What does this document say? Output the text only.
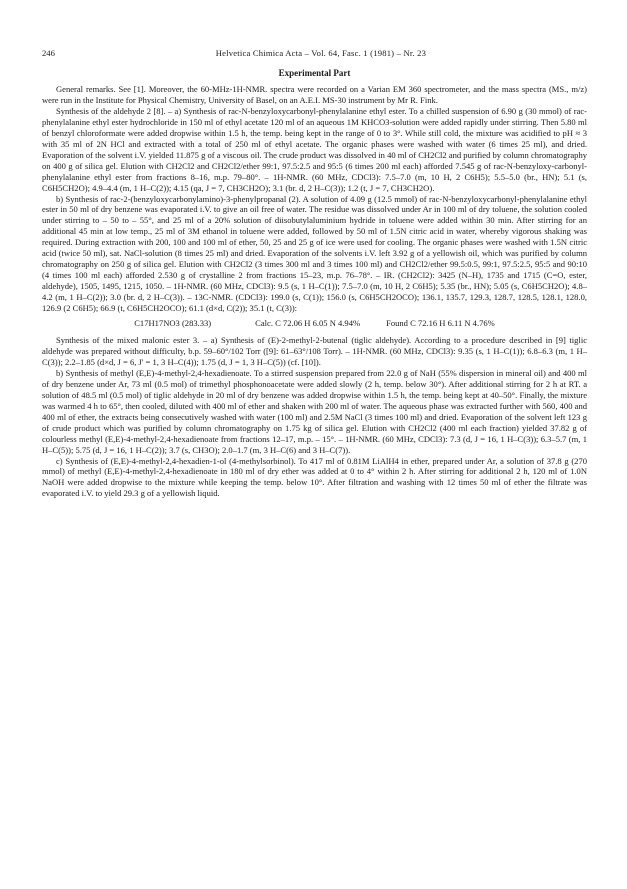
246	Helvetica Chimica Acta – Vol. 64, Fasc. 1 (1981) – Nr. 23
Experimental Part

General remarks. See [1]. Moreover, the 60-MHz-1H-NMR. spectra were recorded on a Varian EM 360 spectrometer, and the mass spectra (MS., m/z) were run in the Institute for Physical Chemistry, University of Basel, on an A.E.I. MS-30 instrument by Mr R. Fink.

Synthesis of the aldehyde 2 [8]. – a) Synthesis of rac-N-benzyloxycarbonyl-phenylalanine ethyl ester. To a chilled suspension of 6.90 g (30 mmol) of rac-phenylalanine ethyl ester hydrochloride in 150 ml of ethyl acetate 120 ml of an aqueous 1M KHCO3-solution were added rapidly under stirring. Then 5.80 ml of benzyl chloroformate were added dropwise within 1.5 h, the temp. being kept in the range of 0 to 3°. While still cold, the mixture was acidified to pH ≈ 3 with 35 ml of 2N HCl and extracted with a total of 250 ml of ethyl acetate. The organic phases were washed with water (6 times 25 ml), and dried. Evaporation of the solvent i.V. yielded 11.875 g of a viscous oil. The crude product was dissolved in 40 ml of CH2Cl2 and purified by column chromatography on 400 g of silica gel. Elution with CH2Cl2 and CH2Cl2/ether 99:1, 97.5:2.5 and 95:5 (6 times 200 ml each) afforded 7.545 g of rac-N-benzyloxy-carbonyl-phenylalanine ethyl ester from fractions 8–16, m.p. 79–80°. – 1H-NMR. (60 MHz, CDCl3): 7.5–7.0 (m, 10 H, 2 C6H5); 5.5–5.0 (br., HN); 5.1 (s, C6H5CH2O); 4.9–4.4 (m, 1 H–C(2)); 4.15 (qa, J = 7, CH3CH2O); 3.1 (br. d, 2 H–C(3)); 1.2 (t, J = 7, CH3CH2O).

b) Synthesis of rac-2-(benzyloxycarbonylamino)-3-phenylpropanal (2). A solution of 4.09 g (12.5 mmol) of rac-N-benzyloxycarbonyl-phenylalanine ethyl ester in 50 ml of dry benzene was evaporated i.V. to give an oil free of water. The residue was dissolved under Ar in 100 ml of dry toluene, the solution cooled under stirring to – 50 to – 55°, and 25 ml of a 20% solution of diisobutylaluminium hydride in toluene were added within 30 min. After stirring for an additional 45 min at low temp., 25 ml of 3M ethanol in toluene were added, followed by 50 ml of 1.5N citric acid in water, whereby vigorous shaking was required. During extraction with 200, 100 and 100 ml of ether, 50, 25 and 25 g of ice were used for cooling. The organic phases were washed with 1.5N citric acid (twice 50 ml), sat. NaCl-solution (8 times 25 ml) and dried. Evaporation of the solvents i.V. left 3.92 g of a yellowish oil, which was purified by column chromatography on 250 g of silica gel. Elution with CH2Cl2 (3 times 300 ml and 3 times 100 ml) and CH2Cl2/ether 99.5:0.5, 99:1, 97.5:2.5, 95:5 and 90:10 (4 times 100 ml each) afforded 2.530 g of crystalline 2 from fractions 15–23, m.p. 76–78°. – IR. (CH2Cl2): 3425 (N–H), 1735 and 1715 (C=O, ester, aldehyde), 1505, 1495, 1215, 1050. – 1H-NMR. (60 MHz, CDCl3): 9.5 (s, 1 H–C(1)); 7.5–7.0 (m, 10 H, 2 C6H5); 5.35 (br., HN); 5.05 (s, C6H5CH2O); 4.8–4.2 (m, 1 H–C(2)); 3.0 (br. d, 2 H–C(3)). – 13C-NMR. (CDCl3): 199.0 (s, C(1)); 156.0 (s, C6H5CH2OCO); 136.1, 135.7, 129.3, 128.7, 128.5, 128.1, 128.0, 126.9 (2 C6H5); 66.9 (t, C6H5CH2OCO); 61.1 (d×d, C(2)); 35.1 (t, C(3)):

C17H17NO3 (283.33)	Calc. C 72.06 H 6.05 N 4.94%	Found C 72.16 H 6.11 N 4.76%

Synthesis of the mixed malonic ester 3. – a) Synthesis of (E)-2-methyl-2-butenal (tiglic aldehyde). According to a procedure described in [9] tiglic aldehyde was prepared without difficulty, b.p. 59–60°/102 Torr ([9]: 61–63°/108 Torr). – 1H-NMR. (60 MHz, CDCl3): 9.35 (s, 1 H–C(1)); 6.8–6.3 (m, 1 H–C(3)); 2.2–1.85 (d×d, J = 6, J' = 1, 3 H–C(4)); 1.75 (d, J = 1, 3 H–C(5)) (cf. [10]).

b) Synthesis of methyl (E,E)-4-methyl-2,4-hexadienoate. To a stirred suspension prepared from 22.0 g of NaH (55% dispersion in mineral oil) and 400 ml of dry benzene under Ar, 73 ml (0.5 mol) of trimethyl phosphonoacetate were added slowly (2 h, temp. below 30°). After additional stirring for 2 h at RT. a solution of 48.5 ml (0.5 mol) of tiglic aldehyde in 20 ml of dry benzene was added dropwise within 1.5 h, the temp. being kept at 40–50°. Finally, the mixture was warmed 4 h to 65°, then cooled, diluted with 400 ml of ether and shaken with 200 ml of water. The aqueous phase was extracted further with 560, 400 and 400 ml of ether, the extracts being consecutively washed with water (100 ml) and 2.5M NaCl (3 times 100 ml) and dried. Evaporation of the solvent left 123 g of crude product which was purified by column chromatography on 1.75 kg of silica gel. Elution with CH2Cl2 (400 ml each fraction) yielded 37.82 g of colourless methyl (E,E)-4-methyl-2,4-hexadienoate from fractions 12–17, m.p. – 15°. – 1H-NMR. (60 MHz, CDCl3): 7.3 (d, J = 16, 1 H–C(3)); 6.3–5.7 (m, 1 H–C(5)); 5.75 (d, J = 16, 1 H–C(2)); 3.7 (s, CH3O); 2.0–1.7 (m, 3 H–C(6) and 3 H–C(7)).

c) Synthesis of (E,E)-4-methyl-2,4-hexadien-1-ol (4-methylsorbinol). To 417 ml of 0.81M LiAlH4 in ether, prepared under Ar, a solution of 37.8 g (270 mmol) of methyl (E,E)-4-methyl-2,4-hexadienoate in 180 ml of dry ether was added at 0 to 4° within 2 h. After stirring for additional 2 h, 120 ml of 1.0N NaOH were added dropwise to the mixture while keeping the temp. below 10°. After filtration and washing with 12 times 50 ml of ether the filtrate was evaporated i.V. to yield 29.3 g of a yellowish liquid.
